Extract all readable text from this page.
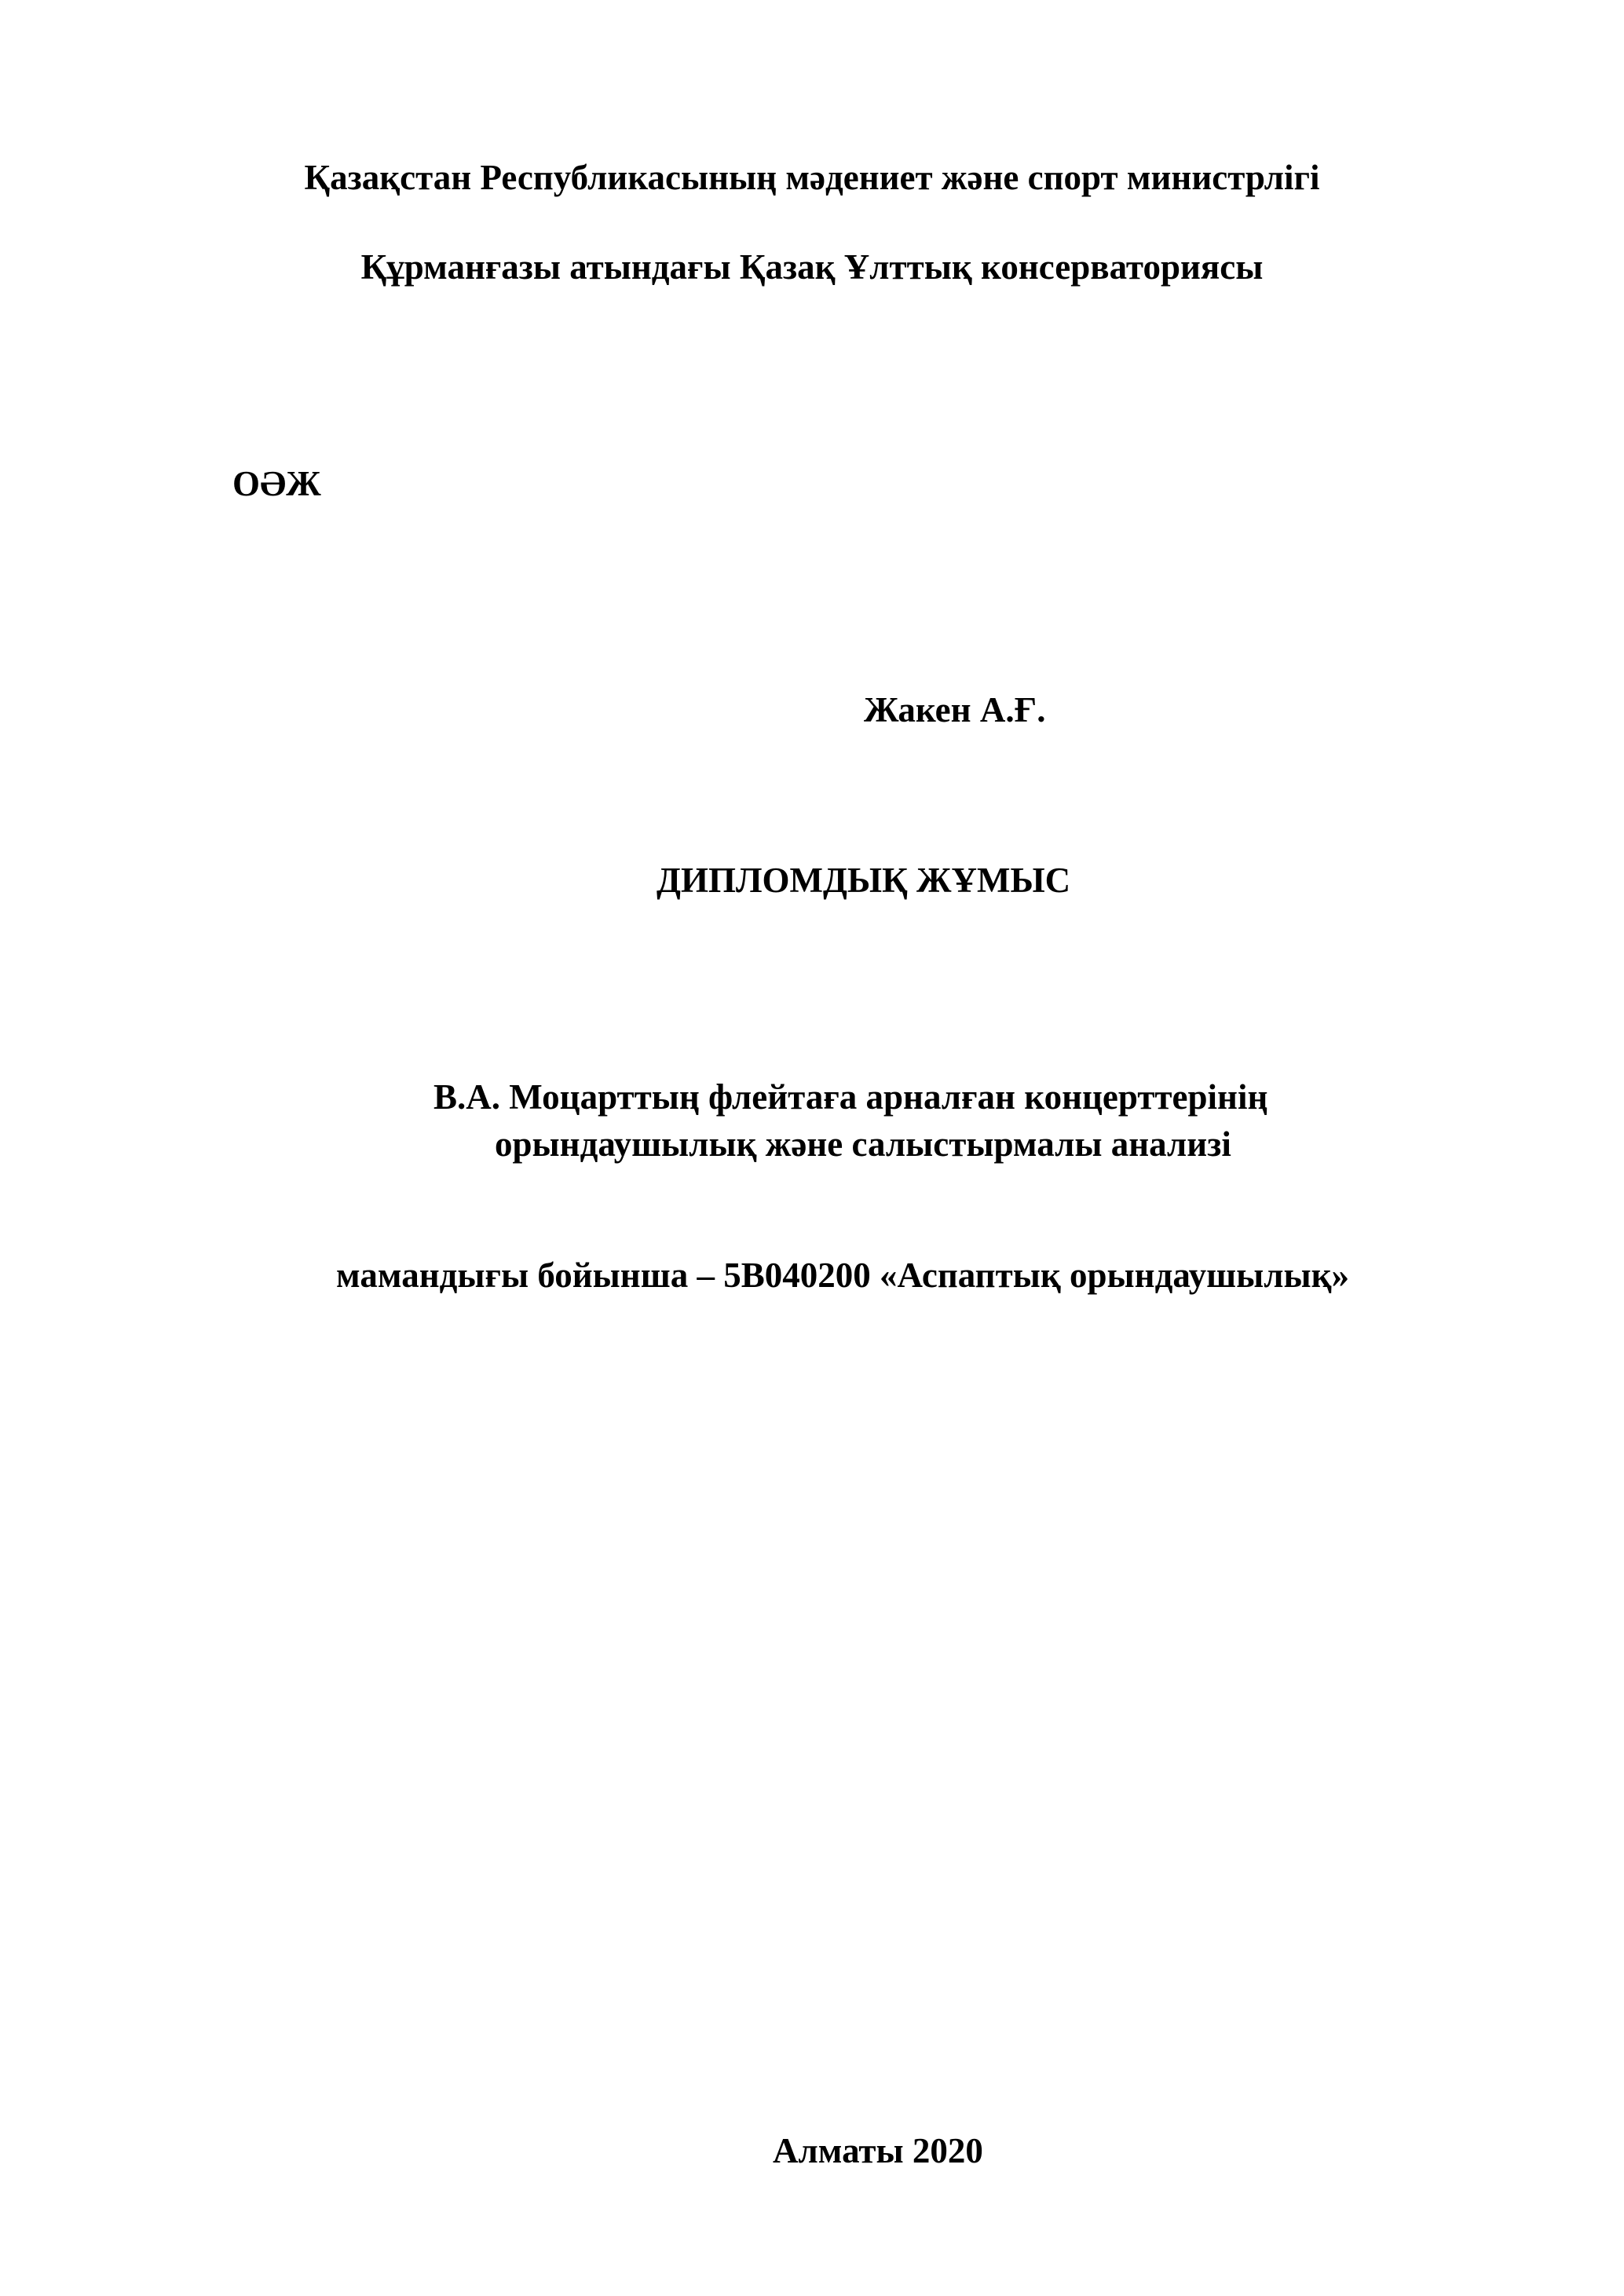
Қазақстан Республикасының мәдениет және спорт министрлігі
Құрманғазы атындағы Қазақ Ұлттық консерваториясы
ОӘЖ
Жакен А.Ғ.
ДИПЛОМДЫҚ ЖҰМЫС
В.А. Моцарттың флейтаға арналған концерттерінің
орындаушылық және салыстырмалы анализі
мамандығы бойынша – 5В040200 «Аспаптық орындаушылық»
Алматы 2020
